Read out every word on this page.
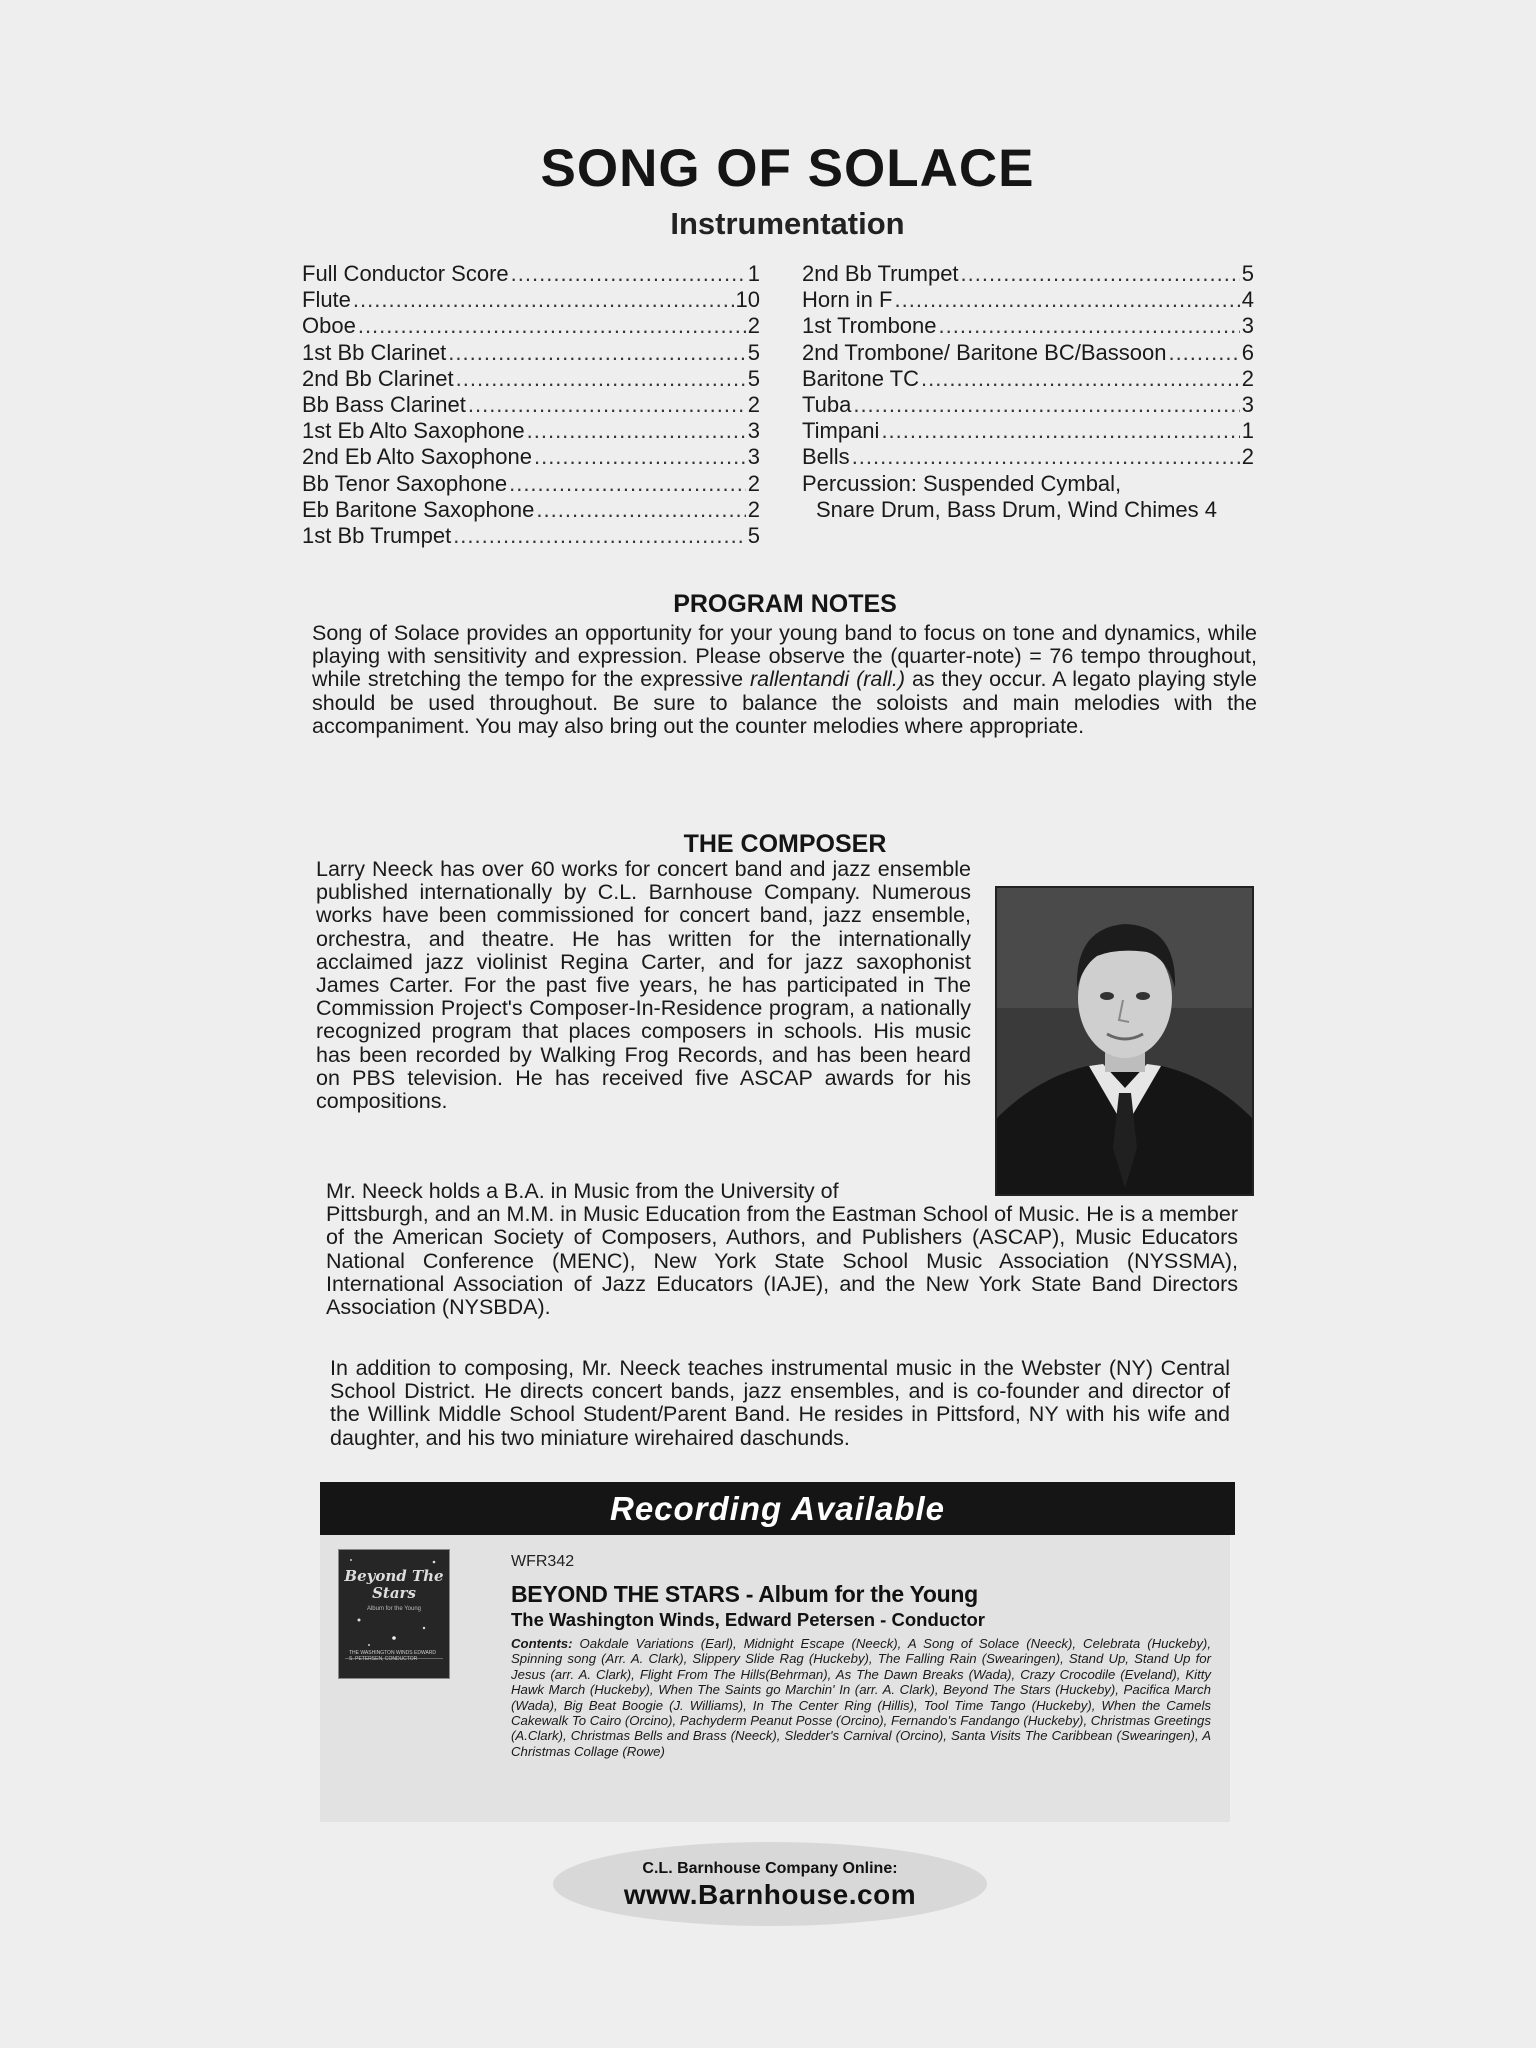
SONG OF SOLACE
Instrumentation
Full Conductor Score .....	1
Flute .....	10
Oboe .....	2
1st Bb Clarinet .....	5
2nd Bb Clarinet .....	5
Bb Bass Clarinet .....	2
1st Eb Alto Saxophone .....	3
2nd Eb Alto Saxophone .....	3
Bb Tenor Saxophone .....	2
Eb Baritone Saxophone .....	2
1st Bb Trumpet .....	5
2nd Bb Trumpet .....	5
Horn in F .....	4
1st Trombone .....	3
2nd Trombone/ Baritone BC/Bassoon .....	6
Baritone TC .....	2
Tuba .....	3
Timpani .....	1
Bells .....	2
Percussion: Suspended Cymbal,
Snare Drum, Bass Drum, Wind Chimes 4
PROGRAM NOTES
Song of Solace provides an opportunity for your young band to focus on tone and dynamics, while playing with sensitivity and expression. Please observe the (quarter-note) = 76 tempo throughout, while stretching the tempo for the expressive rallentandi (rall.) as they occur. A legato playing style should be used throughout. Be sure to balance the soloists and main melodies with the accompaniment. You may also bring out the counter melodies where appropriate.
THE COMPOSER
Larry Neeck has over 60 works for concert band and jazz ensemble published internationally by C.L. Barnhouse Company. Numerous works have been commissioned for concert band, jazz ensemble, orchestra, and theatre. He has written for the internationally acclaimed jazz violinist Regina Carter, and for jazz saxophonist James Carter. For the past five years, he has participated in The Commission Project's Composer-In-Residence program, a nationally recognized program that places composers in schools. His music has been recorded by Walking Frog Records, and has been heard on PBS television. He has received five ASCAP awards for his compositions.
Mr. Neeck holds a B.A. in Music from the University of
Pittsburgh, and an M.M. in Music Education from the Eastman School of Music. He is a member of the American Society of Composers, Authors, and Publishers (ASCAP), Music Educators National Conference (MENC), New York State School Music Association (NYSSMA), International Association of Jazz Educators (IAJE), and the New York State Band Directors Association (NYSBDA).
In addition to composing, Mr. Neeck teaches instrumental music in the Webster (NY) Central School District. He directs concert bands, jazz ensembles, and is co-founder and director of the Willink Middle School Student/Parent Band. He resides in Pittsford, NY with his wife and daughter, and his two miniature wirehaired daschunds.
Recording Available
Beyond The Stars
Album for the Young
THE WASHINGTON WINDS EDWARD S. PETERSEN, CONDUCTOR
WFR342
BEYOND THE STARS - Album for the Young
The Washington Winds, Edward Petersen - Conductor
Contents: Oakdale Variations (Earl), Midnight Escape (Neeck), A Song of Solace (Neeck), Celebrata (Huckeby), Spinning song (Arr. A. Clark), Slippery Slide Rag (Huckeby), The Falling Rain (Swearingen), Stand Up, Stand Up for Jesus (arr. A. Clark), Flight From The Hills(Behrman), As The Dawn Breaks (Wada), Crazy Crocodile (Eveland), Kitty Hawk March (Huckeby), When The Saints go Marchin' In (arr. A. Clark), Beyond The Stars (Huckeby), Pacifica March (Wada), Big Beat Boogie (J. Williams), In The Center Ring (Hillis), Tool Time Tango (Huckeby), When the Camels Cakewalk To Cairo (Orcino), Pachyderm Peanut Posse (Orcino), Fernando's Fandango (Huckeby), Christmas Greetings (A.Clark), Christmas Bells and Brass (Neeck), Sledder's Carnival (Orcino), Santa Visits The Caribbean (Swearingen), A Christmas Collage (Rowe)
C.L. Barnhouse Company Online:
www.Barnhouse.com
